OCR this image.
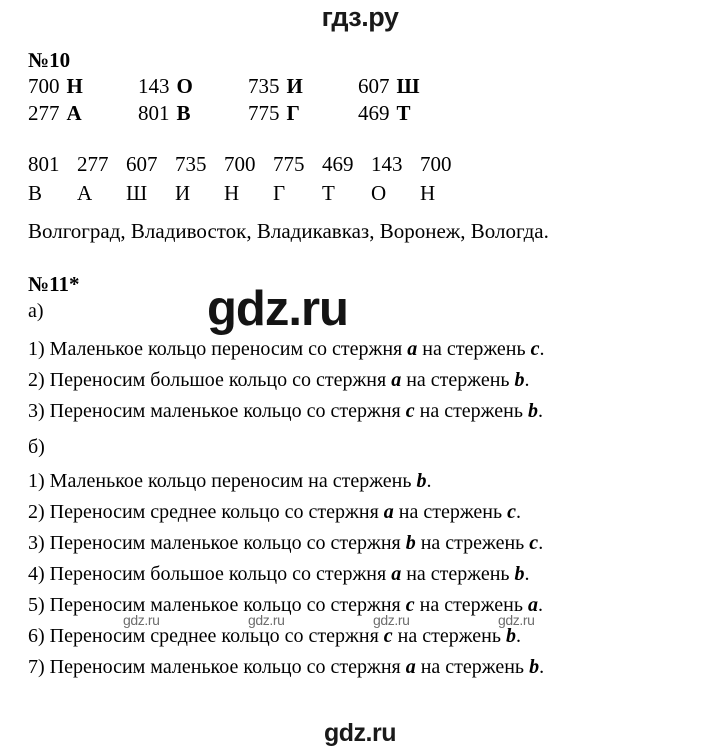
гдз.ру
№10
700 Н	143 О	735 И	607 Ш
277 А	801 В	775 Г	469 Т
801 277 607 735 700 775 469 143 700
В А Ш И Н Г Т О Н
Волгоград, Владивосток, Владикавказ, Воронеж, Вологда.
№11*	gdz.ru
а)
1) Маленькое кольцо переносим со стержня a на стержень c.
2) Переносим большое кольцо со стержня a на стержень b.
3) Переносим маленькое кольцо со стержня c на стержень b.
б)
1) Маленькое кольцо переносим на стержень b.
2) Переносим среднее кольцо со стержня a на стержень c.
3) Переносим маленькое кольцо со стержня b на стрежень c.
4) Переносим большое кольцо со стержня a на стержень b.
5) Переносим маленькое кольцо со стержня c на стержень a.
6) Переносим среднее кольцо со стержня c на стержень b.
7) Переносим маленькое кольцо со стержня a на стержень b.
gdz.ru	gdz.ru	gdz.ru	gdz.ru
gdz.ru
